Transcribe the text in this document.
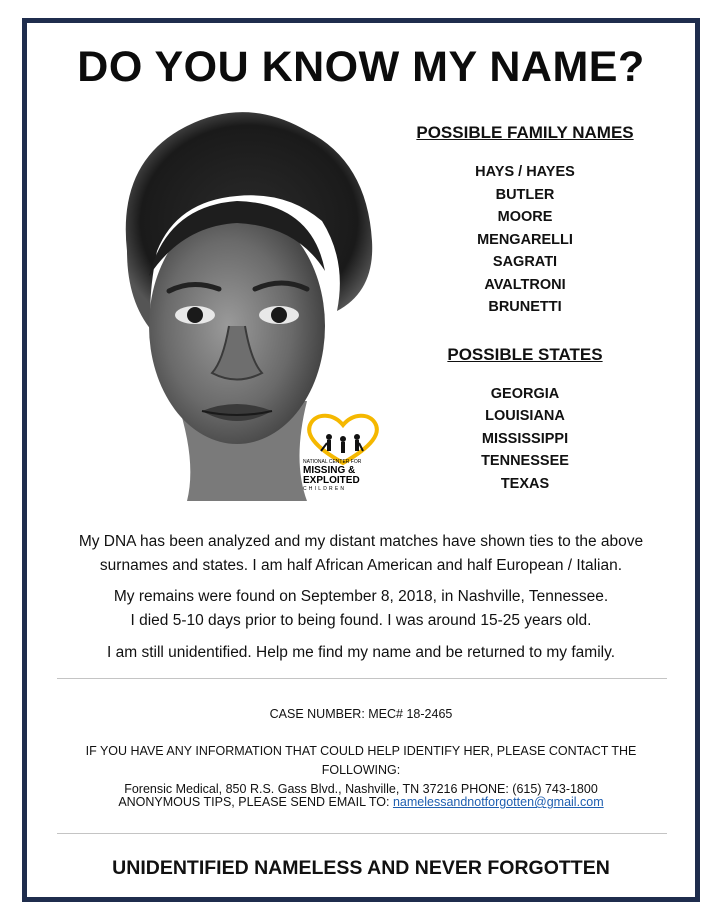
DO YOU KNOW MY NAME?
NATIONAL CENTER FOR
MISSING &
EXPLOITED
CHILDREN
POSSIBLE FAMILY NAMES
HAYS / HAYES
BUTLER
MOORE
MENGARELLI
SAGRATI
AVALTRONI
BRUNETTI
POSSIBLE STATES
GEORGIA
LOUISIANA
MISSISSIPPI
TENNESSEE
TEXAS
My DNA has been analyzed and my distant matches have shown ties to the above
surnames and states. I am half African American and half European / Italian.
My remains were found on September 8, 2018, in Nashville, Tennessee.
I died 5-10 days prior to being found. I was around 15-25 years old.
I am still unidentified. Help me find my name and be returned to my family.
CASE NUMBER: MEC# 18-2465
IF YOU HAVE ANY INFORMATION THAT COULD HELP IDENTIFY HER, PLEASE CONTACT THE FOLLOWING:
Forensic Medical, 850 R.S. Gass Blvd., Nashville, TN 37216 PHONE: (615) 743-1800
ANONYMOUS TIPS, PLEASE SEND EMAIL TO: namelessandnotforgotten@gmail.com
UNIDENTIFIED NAMELESS AND NEVER FORGOTTEN
